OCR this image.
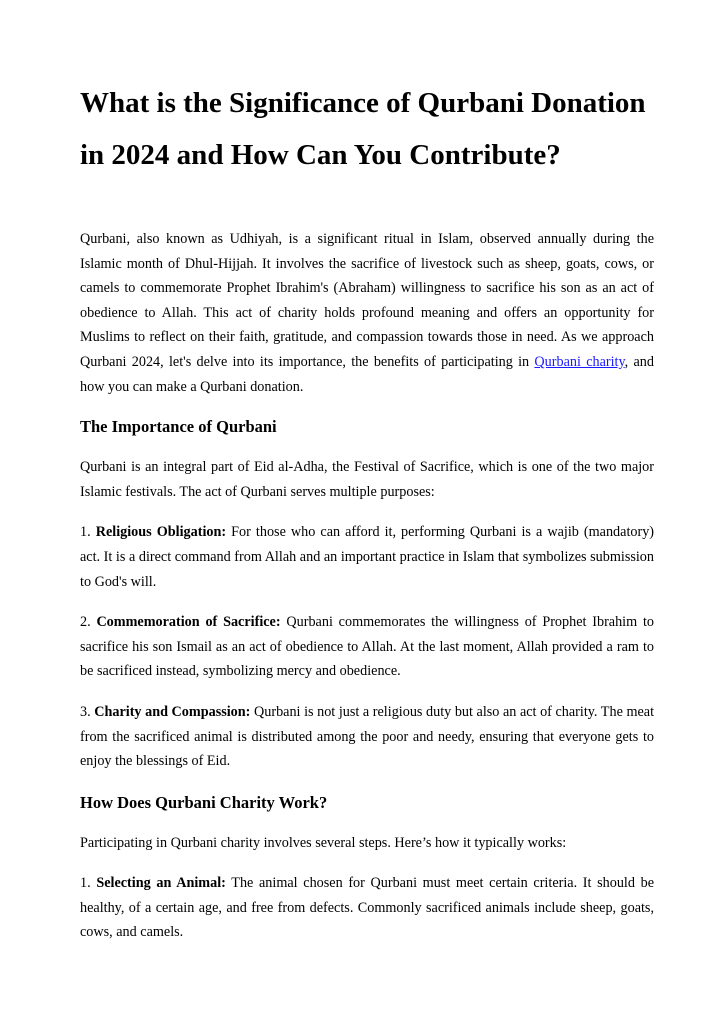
What is the Significance of Qurbani Donation in 2024 and How Can You Contribute?

Qurbani, also known as Udhiyah, is a significant ritual in Islam, observed annually during the Islamic month of Dhul-Hijjah. It involves the sacrifice of livestock such as sheep, goats, cows, or camels to commemorate Prophet Ibrahim's (Abraham) willingness to sacrifice his son as an act of obedience to Allah. This act of charity holds profound meaning and offers an opportunity for Muslims to reflect on their faith, gratitude, and compassion towards those in need. As we approach Qurbani 2024, let's delve into its importance, the benefits of participating in Qurbani charity, and how you can make a Qurbani donation.

The Importance of Qurbani

Qurbani is an integral part of Eid al-Adha, the Festival of Sacrifice, which is one of the two major Islamic festivals. The act of Qurbani serves multiple purposes:

1. Religious Obligation: For those who can afford it, performing Qurbani is a wajib (mandatory) act. It is a direct command from Allah and an important practice in Islam that symbolizes submission to God's will.

2. Commemoration of Sacrifice: Qurbani commemorates the willingness of Prophet Ibrahim to sacrifice his son Ismail as an act of obedience to Allah. At the last moment, Allah provided a ram to be sacrificed instead, symbolizing mercy and obedience.

3. Charity and Compassion: Qurbani is not just a religious duty but also an act of charity. The meat from the sacrificed animal is distributed among the poor and needy, ensuring that everyone gets to enjoy the blessings of Eid.

How Does Qurbani Charity Work?

Participating in Qurbani charity involves several steps. Here’s how it typically works:

1. Selecting an Animal: The animal chosen for Qurbani must meet certain criteria. It should be healthy, of a certain age, and free from defects. Commonly sacrificed animals include sheep, goats, cows, and camels.
